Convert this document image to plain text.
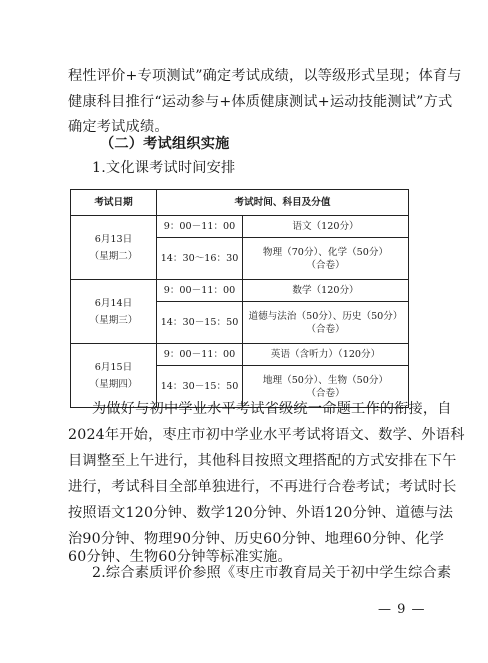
程性评价+专项测试”确定考试成绩，以等级形式呈现；体育与
健康科目推行“运动参与+体质健康测试+运动技能测试”方式
确定考试成绩。
（二）考试组织实施
1.文化课考试时间安排
考试日期	考试时间、科目及分值	
6月13日
（星期二）	9：00－11：00	语文（120分）
	14：30～16：30	物理（70分）、化学（50分）
（合卷）

6月14日
（星期三）	9：00－11：00	数学（120分）
	14：30－15：50	道德与法治（50分）、历史（50分）
（合卷）

6月15日
（星期四）	9：00－11：00	英语（含听力）（120分）
	14：30－15：50	地理（50分）、生物（50分）
（合卷）
为做好与初中学业水平考试省级统一命题工作的衔接，自
2024年开始，枣庄市初中学业水平考试将语文、数学、外语科
目调整至上午进行，其他科目按照文理搭配的方式安排在下午
进行，考试科目全部单独进行，不再进行合卷考试；考试时长
按照语文120分钟、数学120分钟、外语120分钟、道德与法
治90分钟、物理90分钟、历史60分钟、地理60分钟、化学
60分钟、生物60分钟等标准实施。
2.综合素质评价参照《枣庄市教育局关于初中学生综合素
— 9 —
